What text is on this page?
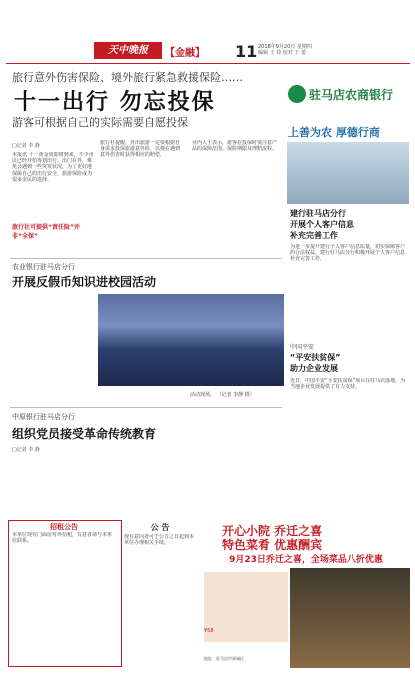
天中晚报	【金融】 11 2018年9月20日 星期四
编辑 王 琦 校对 王 蕾
旅行意外伤害保险、境外旅行紧急救援保险……
十一出行 勿忘投保
游客可根据自己的实际需要自愿投保
□记者 李 静
本报讯 十一黄金周即将到来，不少市民已经开始筹划出行。出门在外，难免会遇到一些突发状况，为了更好地保障自己的出行安全，旅游保险成为很多市民的选择。
旅行社可提供“责任险”并非“全保”
旅行社提醒，外出旅游一定要根据自身需求投保旅游意外险，以便在遇到意外伤害时获得相应的赔偿。
业内人士表示，游客在投保时要注意产品的保障范围、保险期限及理赔流程。
驻马店农商银行
上善为农 厚德行商
建行驻马店分行
开展个人客户信息
补充完善工作
为进一步提升建行个人客户信息质量，切实保障客户的合法权益，建行驻马店分行积极开展个人客户信息补充完善工作。
中国平安
“平安扶贫保”
助力企业发展
近日，中国平安“平安扶贫保”项目在驻马店落地，为当地企业发展提供了有力支持。
农业银行驻马店分行
开展反假币知识进校园活动
活动现场。 （记者 李静 摄）
中原银行驻马店分行
组织党员接受革命传统教育
□记者 李 静
招租公告
本单位现有门面房对外招租，有意者请与本单位联系。
公 告
现有意向者可于公告之日起到本单位办理相关手续。
开心小院 乔迁之喜
特色菜肴 优惠酬宾
9月23日乔迁之喜，全场菜品八折优惠
¥58
地址：驻马店市驿城区
